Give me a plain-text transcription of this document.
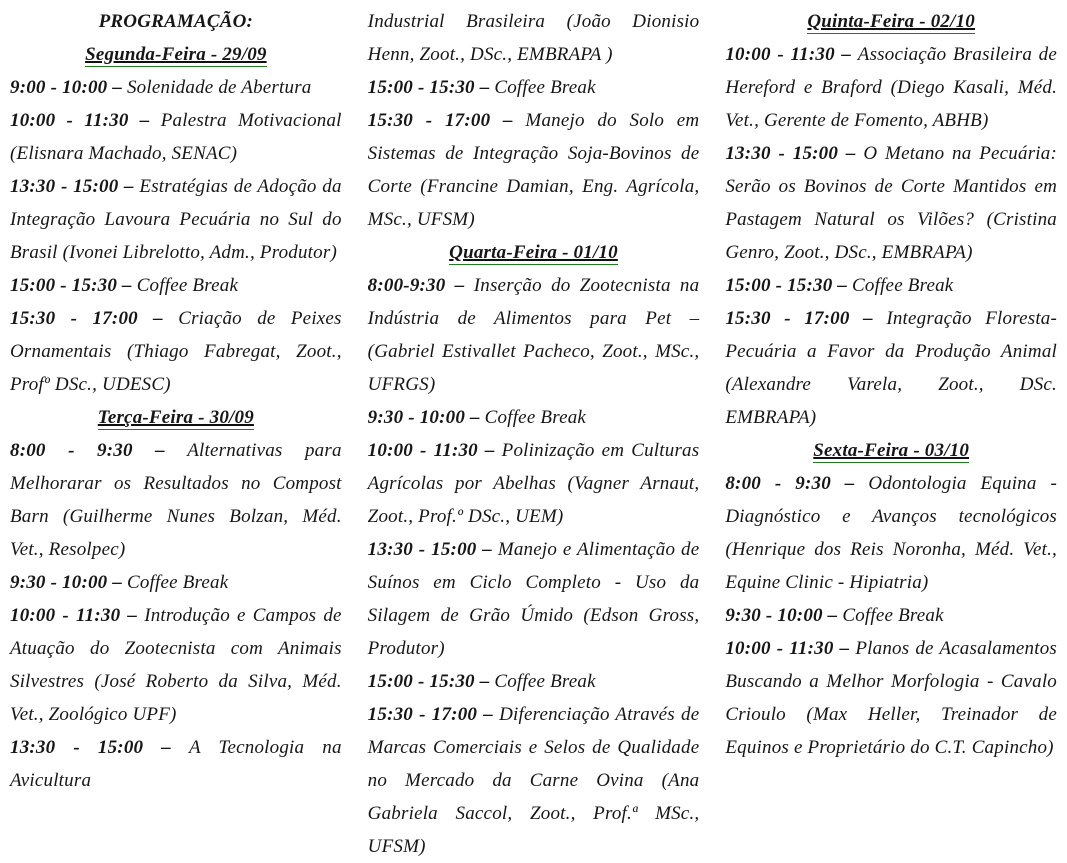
PROGRAMAÇÃO:

Segunda-Feira - 29/09

9:00 - 10:00 – Solenidade de Abertura

10:00 - 11:30 – Palestra Motivacional (Elisnara Machado, SENAC)

13:30 - 15:00 – Estratégias de Adoção da Integração Lavoura Pecuária no Sul do Brasil (Ivonei Librelotto, Adm., Produtor)

15:00 - 15:30 – Coffee Break

15:30 - 17:00 – Criação de Peixes Ornamentais (Thiago Fabregat, Zoot., Profº DSc., UDESC)

Terça-Feira - 30/09

8:00 - 9:30 – Alternativas para Melhorarar os Resultados no Compost Barn (Guilherme Nunes Bolzan, Méd. Vet., Resolpec)

9:30 - 10:00 – Coffee Break

10:00 - 11:30 – Introdução e Campos de Atuação do Zootecnista com Animais Silvestres (José Roberto da Silva, Méd. Vet., Zoológico UPF)

13:30 - 15:00 – A Tecnologia na Avicultura

Industrial Brasileira (João Dionisio Henn, Zoot., DSc., EMBRAPA )

15:00 - 15:30 – Coffee Break

15:30 - 17:00 – Manejo do Solo em Sistemas de Integração Soja-Bovinos de Corte (Francine Damian, Eng. Agrícola, MSc., UFSM)

Quarta-Feira - 01/10

8:00-9:30 – Inserção do Zootecnista na Indústria de Alimentos para Pet – (Gabriel Estivallet Pacheco, Zoot., MSc., UFRGS)

9:30 - 10:00 – Coffee Break

10:00 - 11:30 – Polinização em Culturas Agrícolas por Abelhas (Vagner Arnaut, Zoot., Prof.º DSc., UEM)

13:30 - 15:00 – Manejo e Alimentação de Suínos em Ciclo Completo - Uso da Silagem de Grão Úmido (Edson Gross, Produtor)

15:00 - 15:30 – Coffee Break

15:30 - 17:00 – Diferenciação Através de Marcas Comerciais e Selos de Qualidade no Mercado da Carne Ovina (Ana Gabriela Saccol, Zoot., Prof.ª MSc., UFSM)

Quinta-Feira - 02/10

10:00 - 11:30 – Associação Brasileira de Hereford e Braford (Diego Kasali, Méd. Vet., Gerente de Fomento, ABHB)

13:30 - 15:00 – O Metano na Pecuária: Serão os Bovinos de Corte Mantidos em Pastagem Natural os Vilões? (Cristina Genro, Zoot., DSc., EMBRAPA)

15:00 - 15:30 – Coffee Break

15:30 - 17:00 – Integração Floresta-Pecuária a Favor da Produção Animal (Alexandre Varela, Zoot., DSc. EMBRAPA)

Sexta-Feira - 03/10

8:00 - 9:30 – Odontologia Equina - Diagnóstico e Avanços tecnológicos (Henrique dos Reis Noronha, Méd. Vet., Equine Clinic - Hipiatria)

9:30 - 10:00 – Coffee Break

10:00 - 11:30 – Planos de Acasalamentos Buscando a Melhor Morfologia - Cavalo Crioulo (Max Heller, Treinador de Equinos e Proprietário do C.T. Capincho)
